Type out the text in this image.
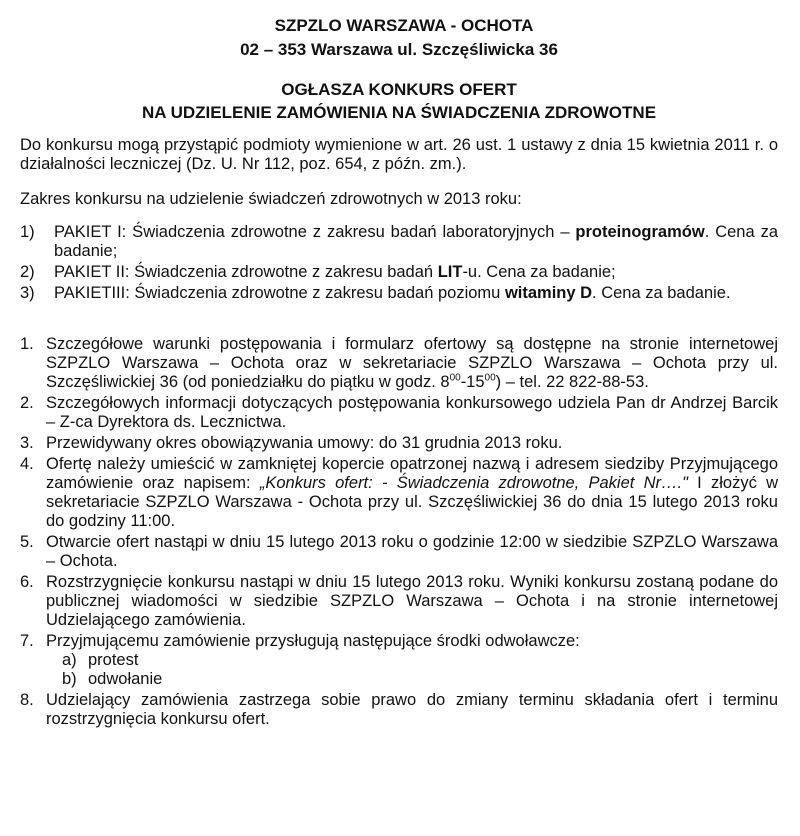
SZPZLO WARSZAWA - OCHOTA
02 – 353 Warszawa ul. Szczęśliwicka 36
OGŁASZA KONKURS OFERT
NA UDZIELENIE ZAMÓWIENIA NA ŚWIADCZENIA ZDROWOTNE

Do konkursu mogą przystąpić podmioty wymienione w art. 26 ust. 1 ustawy z dnia 15 kwietnia 2011 r. o działalności leczniczej (Dz. U. Nr 112, poz. 654, z późn. zm.).

Zakres konkursu na udzielenie świadczeń zdrowotnych w 2013 roku:

1)	PAKIET I: Świadczenia zdrowotne z zakresu badań laboratoryjnych – proteinogramów. Cena za badanie;
2)	PAKIET II: Świadczenia zdrowotne z zakresu badań LIT-u. Cena za badanie;
3)	PAKIETIII: Świadczenia zdrowotne z zakresu badań poziomu witaminy D. Cena za badanie.
1. Szczegółowe warunki postępowania i formularz ofertowy są dostępne na stronie internetowej SZPZLO Warszawa – Ochota oraz w sekretariacie SZPZLO Warszawa – Ochota przy ul. Szczęśliwickiej 36 (od poniedziałku do piątku w godz. $8^{00}-15^{00}$) – tel. 22 822-88-53.
2. Szczegółowych informacji dotyczących postępowania konkursowego udziela Pan dr Andrzej Barcik – Z-ca Dyrektora ds. Lecznictwa.
3. Przewidywany okres obowiązywania umowy: do 31 grudnia 2013 roku.
4. Ofertę należy umieścić w zamkniętej kopercie opatrzonej nazwą i adresem siedziby Przyjmującego zamówienie oraz napisem: „Konkurs ofert: - Świadczenia zdrowotne, Pakiet Nr…." I złożyć w sekretariacie SZPZLO Warszawa - Ochota przy ul. Szczęśliwickiej 36 do dnia 15 lutego 2013 roku do godziny 11:00.
5. Otwarcie ofert nastąpi w dniu 15 lutego 2013 roku o godzinie 12:00 w siedzibie SZPZLO Warszawa – Ochota.
6. Rozstrzygnięcie konkursu nastąpi w dniu 15 lutego 2013 roku. Wyniki konkursu zostaną podane do publicznej wiadomości w siedzibie SZPZLO Warszawa – Ochota i na stronie internetowej Udzielającego zamówienia.
7. Przyjmującemu zamówienie przysługują następujące środki odwoławcze:
a) protest
b) odwołanie
8. Udzielający zamówienia zastrzega sobie prawo do zmiany terminu składania ofert i terminu rozstrzygnięcia konkursu ofert.
